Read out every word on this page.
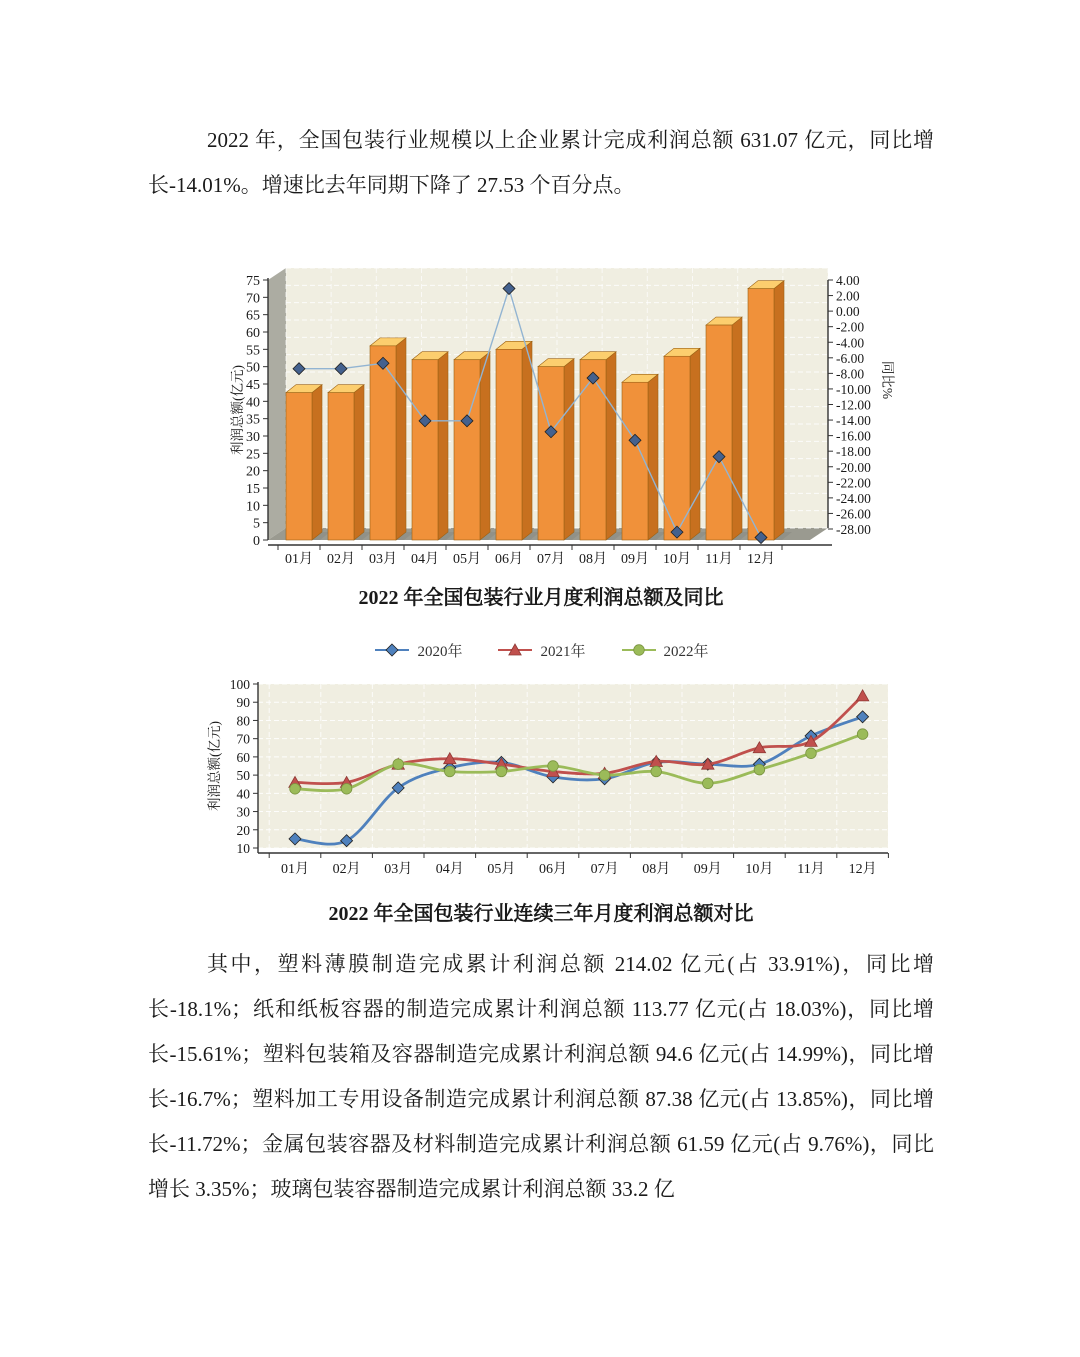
2022 年，全国包装行业规模以上企业累计完成利润总额 631.07 亿元，同比增长-14.01%。增速比去年同期下降了 27.53 个百分点。

0
5
10
15
20
25
30
35
40
45
50
55
60
65
70
75	4.00
2.00
0.00
-2.00
-4.00
-6.00
-8.00
-10.00
-12.00
-14.00
-16.00
-18.00
-20.00
-22.00
-24.00
-26.00
-28.00
01月 02月 03月 04月 05月 06月 07月 08月 09月 10月 11月 12月
利润总额(亿元)	同比%

2022 年全国包装行业月度利润总额及同比

2020年	2021年	2022年
10
20
30
40
50
60
70
80
90
100
01月 02月 03月 04月 05月 06月 07月 08月 09月 10月 11月 12月
利润总额(亿元)

2022 年全国包装行业连续三年月度利润总额对比

其中，塑料薄膜制造完成累计利润总额 214.02 亿元(占 33.91%)，同比增长-18.1%；纸和纸板容器的制造完成累计利润总额 113.77 亿元(占 18.03%)，同比增长-15.61%；塑料包装箱及容器制造完成累计利润总额 94.6 亿元(占 14.99%)，同比增长-16.7%；塑料加工专用设备制造完成累计利润总额 87.38 亿元(占 13.85%)，同比增长-11.72%；金属包装容器及材料制造完成累计利润总额 61.59 亿元(占 9.76%)，同比增长 3.35%；玻璃包装容器制造完成累计利润总额 33.2 亿
